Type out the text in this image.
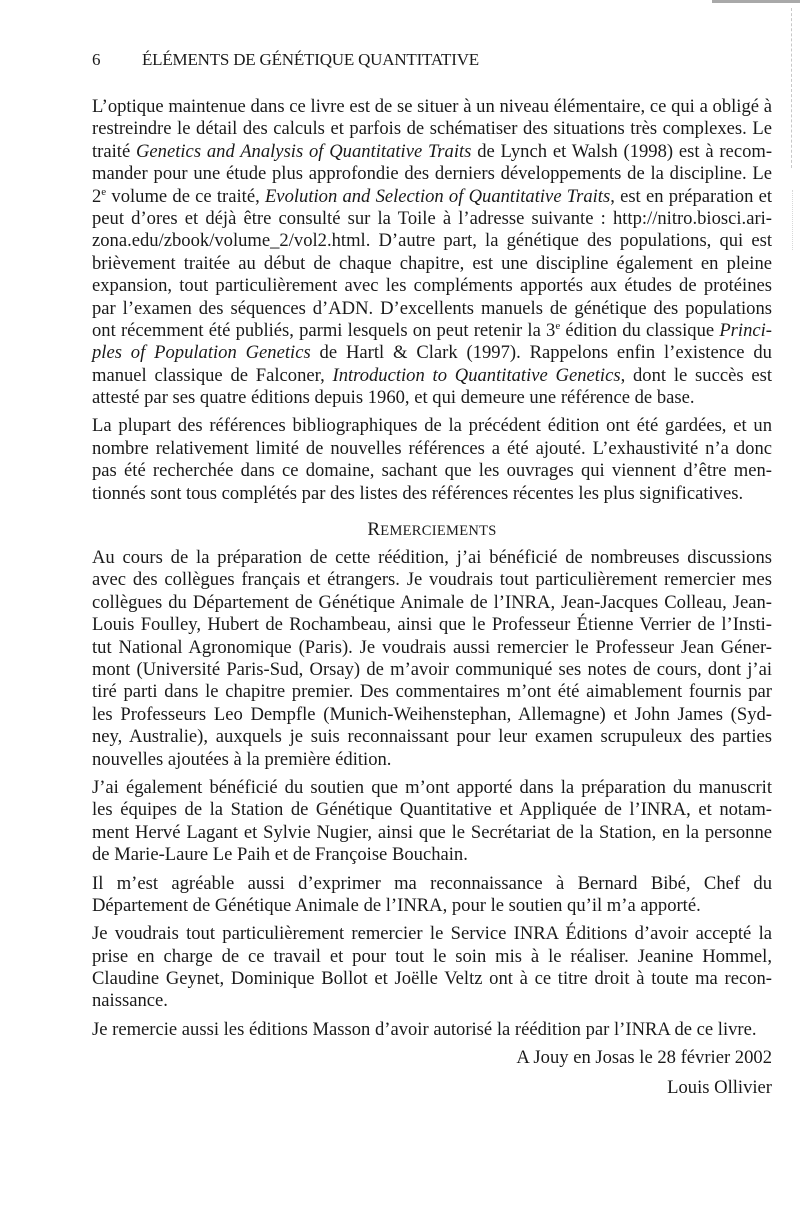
6 ÉLÉMENTS DE GÉNÉTIQUE QUANTITATIVE
L’optique maintenue dans ce livre est de se situer à un niveau élémentaire, ce qui a obligé à
restreindre le détail des calculs et parfois de schématiser des situations très complexes. Le
traité Genetics and Analysis of Quantitative Traits de Lynch et Walsh (1998) est à recom-
mander pour une étude plus approfondie des derniers développements de la discipline. Le
2e volume de ce traité, Evolution and Selection of Quantitative Traits, est en préparation et
peut d’ores et déjà être consulté sur la Toile à l’adresse suivante : http://nitro.biosci.ari-
zona.edu/zbook/volume_2/vol2.html. D’autre part, la génétique des populations, qui est
brièvement traitée au début de chaque chapitre, est une discipline également en pleine
expansion, tout particulièrement avec les compléments apportés aux études de protéines
par l’examen des séquences d’ADN. D’excellents manuels de génétique des populations
ont récemment été publiés, parmi lesquels on peut retenir la 3e édition du classique Princi-
ples of Population Genetics de Hartl & Clark (1997). Rappelons enfin l’existence du
manuel classique de Falconer, Introduction to Quantitative Genetics, dont le succès est
attesté par ses quatre éditions depuis 1960, et qui demeure une référence de base.
La plupart des références bibliographiques de la précédent édition ont été gardées, et un
nombre relativement limité de nouvelles références a été ajouté. L’exhaustivité n’a donc
pas été recherchée dans ce domaine, sachant que les ouvrages qui viennent d’être men-
tionnés sont tous complétés par des listes des références récentes les plus significatives.
REMERCIEMENTS
Au cours de la préparation de cette réédition, j’ai bénéficié de nombreuses discussions
avec des collègues français et étrangers. Je voudrais tout particulièrement remercier mes
collègues du Département de Génétique Animale de l’INRA, Jean-Jacques Colleau, Jean-
Louis Foulley, Hubert de Rochambeau, ainsi que le Professeur Étienne Verrier de l’Insti-
tut National Agronomique (Paris). Je voudrais aussi remercier le Professeur Jean Géner-
mont (Université Paris-Sud, Orsay) de m’avoir communiqué ses notes de cours, dont j’ai
tiré parti dans le chapitre premier. Des commentaires m’ont été aimablement fournis par
les Professeurs Leo Dempfle (Munich-Weihenstephan, Allemagne) et John James (Syd-
ney, Australie), auxquels je suis reconnaissant pour leur examen scrupuleux des parties
nouvelles ajoutées à la première édition.
J’ai également bénéficié du soutien que m’ont apporté dans la préparation du manuscrit
les équipes de la Station de Génétique Quantitative et Appliquée de l’INRA, et notam-
ment Hervé Lagant et Sylvie Nugier, ainsi que le Secrétariat de la Station, en la personne
de Marie-Laure Le Paih et de Françoise Bouchain.
Il m’est agréable aussi d’exprimer ma reconnaissance à Bernard Bibé, Chef du
Département de Génétique Animale de l’INRA, pour le soutien qu’il m’a apporté.
Je voudrais tout particulièrement remercier le Service INRA Éditions d’avoir accepté la
prise en charge de ce travail et pour tout le soin mis à le réaliser. Jeanine Hommel,
Claudine Geynet, Dominique Bollot et Joëlle Veltz ont à ce titre droit à toute ma recon-
naissance.
Je remercie aussi les éditions Masson d’avoir autorisé la réédition par l’INRA de ce livre.
A Jouy en Josas le 28 février 2002
Louis Ollivier
